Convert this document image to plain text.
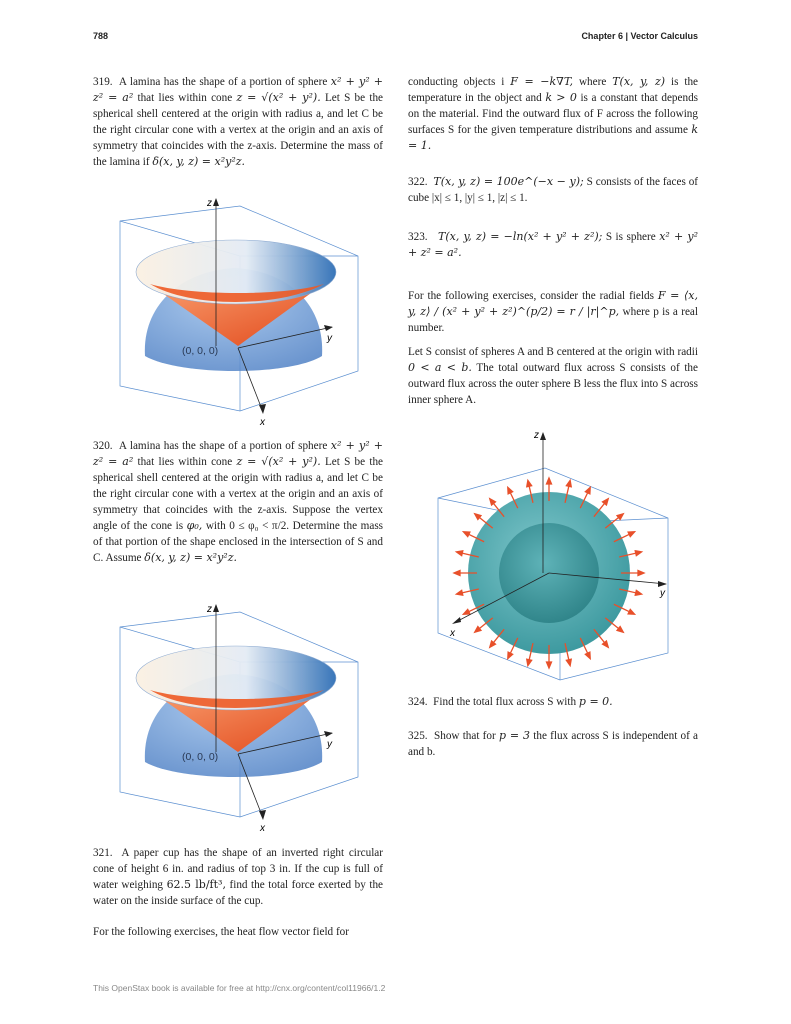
788	Chapter 6 | Vector Calculus

319. A lamina has the shape of a portion of sphere x² + y² + z² = a² that lies within cone z = √(x² + y²). Let S be the spherical shell centered at the origin with radius a, and let C be the right circular cone with a vertex at the origin and an axis of symmetry that coincides with the z-axis. Determine the mass of the lamina if δ(x, y, z) = x²y²z.

z
y
x
(0, 0, 0)

320. A lamina has the shape of a portion of sphere x² + y² + z² = a² that lies within cone z = √(x² + y²). Let S be the spherical shell centered at the origin with radius a, and let C be the right circular cone with a vertex at the origin and an axis of symmetry that coincides with the z-axis. Suppose the vertex angle of the cone is φ₀, with 0 ≤ φ₀ < π/2. Determine the mass of that portion of the shape enclosed in the intersection of S and C. Assume δ(x, y, z) = x²y²z.

z
y
x
(0, 0, 0)

321. A paper cup has the shape of an inverted right circular cone of height 6 in. and radius of top 3 in. If the cup is full of water weighing 62.5 lb/ft³, find the total force exerted by the water on the inside surface of the cup.

For the following exercises, the heat flow vector field for

conducting objects i F = −k∇T, where T(x, y, z) is the temperature in the object and k > 0 is a constant that depends on the material. Find the outward flux of F across the following surfaces S for the given temperature distributions and assume k = 1.

322. T(x, y, z) = 100e^(−x − y); S consists of the faces of cube |x| ≤ 1, |y| ≤ 1, |z| ≤ 1.

323. T(x, y, z) = −ln(x² + y² + z²); S is sphere x² + y² + z² = a².

For the following exercises, consider the radial fields F = ⟨x, y, z⟩ / (x² + y² + z²)^(p/2) = r / |r|^p, where p is a real number.

Let S consist of spheres A and B centered at the origin with radii 0 < a < b. The total outward flux across S consists of the outward flux across the outer sphere B less the flux into S across inner sphere A.

z
y
x

324. Find the total flux across S with p = 0.

325. Show that for p = 3 the flux across S is independent of a and b.

This OpenStax book is available for free at http://cnx.org/content/col11966/1.2
